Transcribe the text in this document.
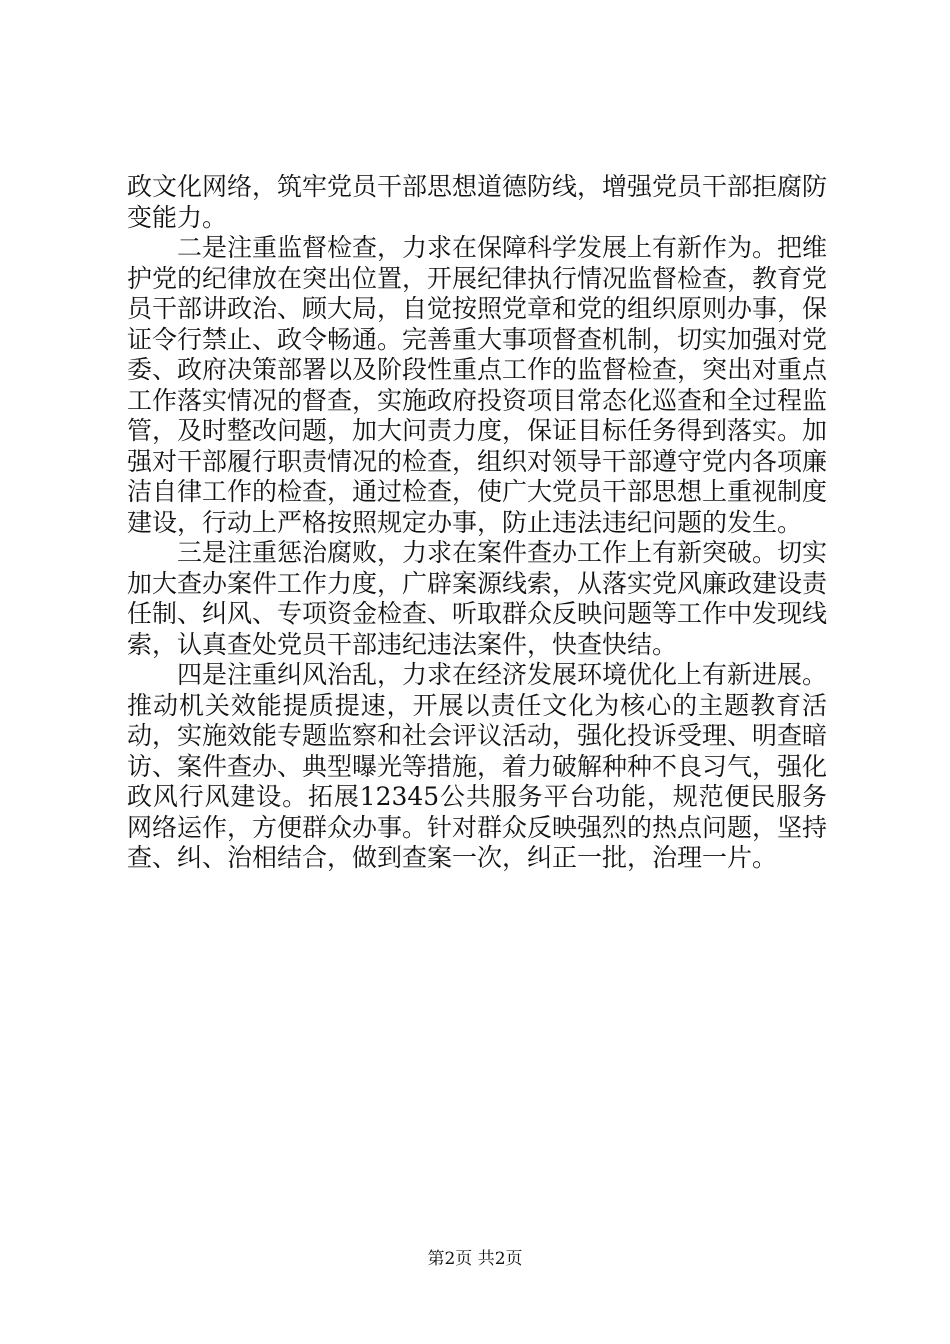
政文化网络，筑牢党员干部思想道德防线，增强党员干部拒腐防变能力。

二是注重监督检查，力求在保障科学发展上有新作为。把维护党的纪律放在突出位置，开展纪律执行情况监督检查，教育党员干部讲政治、顾大局，自觉按照党章和党的组织原则办事，保证令行禁止、政令畅通。完善重大事项督查机制，切实加强对党委、政府决策部署以及阶段性重点工作的监督检查，突出对重点工作落实情况的督查，实施政府投资项目常态化巡查和全过程监管，及时整改问题，加大问责力度，保证目标任务得到落实。加强对干部履行职责情况的检查，组织对领导干部遵守党内各项廉洁自律工作的检查，通过检查，使广大党员干部思想上重视制度建设，行动上严格按照规定办事，防止违法违纪问题的发生。

三是注重惩治腐败，力求在案件查办工作上有新突破。切实加大查办案件工作力度，广辟案源线索，从落实党风廉政建设责任制、纠风、专项资金检查、听取群众反映问题等工作中发现线索，认真查处党员干部违纪违法案件，快查快结。

四是注重纠风治乱，力求在经济发展环境优化上有新进展。推动机关效能提质提速，开展以责任文化为核心的主题教育活动，实施效能专题监察和社会评议活动，强化投诉受理、明查暗访、案件查办、典型曝光等措施，着力破解种种不良习气，强化政风行风建设。拓展12345公共服务平台功能，规范便民服务网络运作，方便群众办事。针对群众反映强烈的热点问题，坚持查、纠、治相结合，做到查案一次，纠正一批，治理一片。

第2页 共2页
